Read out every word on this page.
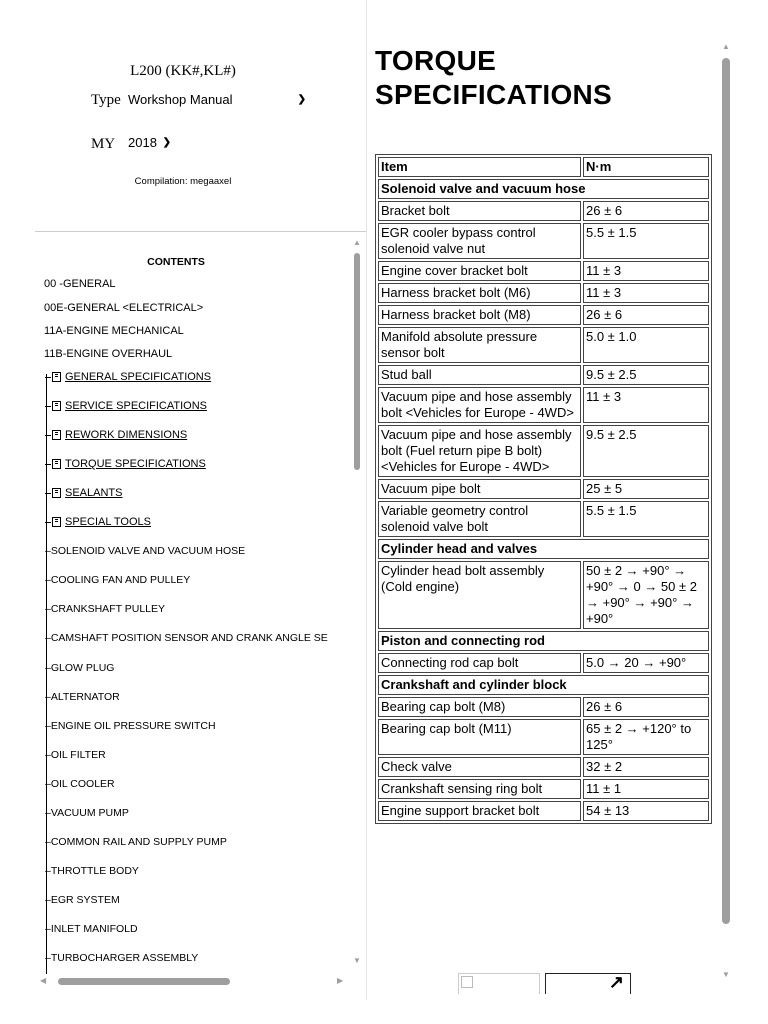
L200 (KK#,KL#)
Type Workshop Manual	❯
MY 2018 ❯
Compilation: megaaxel
CONTENTS
00 -GENERAL
00E-GENERAL <ELECTRICAL>
11A-ENGINE MECHANICAL
11B-ENGINE OVERHAUL
GENERAL SPECIFICATIONS
SERVICE SPECIFICATIONS
REWORK DIMENSIONS
TORQUE SPECIFICATIONS
SEALANTS
SPECIAL TOOLS
–SOLENOID VALVE AND VACUUM HOSE
–COOLING FAN AND PULLEY
–CRANKSHAFT PULLEY
–CAMSHAFT POSITION SENSOR AND CRANK ANGLE SE
–GLOW PLUG
–ALTERNATOR
–ENGINE OIL PRESSURE SWITCH
–OIL FILTER
–OIL COOLER
–VACUUM PUMP
–COMMON RAIL AND SUPPLY PUMP
–THROTTLE BODY
–EGR SYSTEM
–INLET MANIFOLD
–TURBOCHARGER ASSEMBLY
▲
▼
◀	▶
TORQUE
SPECIFICATIONS
Item	N·m
Solenoid valve and vacuum hose	
Bracket bolt	26 ± 6
EGR cooler bypass control solenoid valve nut	5.5 ± 1.5
Engine cover bracket bolt	11 ± 3
Harness bracket bolt (M6)	11 ± 3
Harness bracket bolt (M8)	26 ± 6
Manifold absolute pressure sensor bolt	5.0 ± 1.0
Stud ball	9.5 ± 2.5
Vacuum pipe and hose assembly bolt <Vehicles for Europe - 4WD>	11 ± 3
Vacuum pipe and hose assembly bolt (Fuel return pipe B bolt) <Vehicles for Europe - 4WD>	9.5 ± 2.5
Vacuum pipe bolt	25 ± 5
Variable geometry control solenoid valve bolt	5.5 ± 1.5
Cylinder head and valves	
Cylinder head bolt assembly (Cold engine)	50 ± 2 → +90° → +90° → 0 → 50 ± 2 → +90° → +90° → +90°
Piston and connecting rod	
Connecting rod cap bolt	5.0 → 20 → +90°
Crankshaft and cylinder block	
Bearing cap bolt (M8)	26 ± 6
Bearing cap bolt (M11)	65 ± 2 → +120° to 125°
Check valve	32 ± 2
Crankshaft sensing ring bolt	11 ± 1
Engine support bracket bolt	54 ± 13
▲
▼
↗
